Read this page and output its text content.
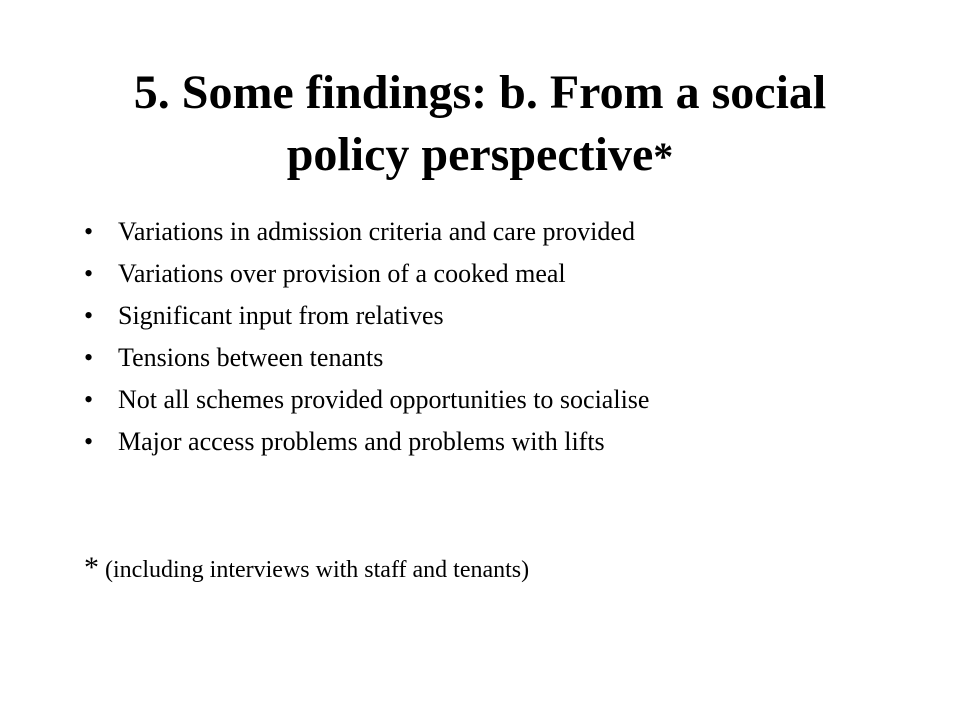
5. Some findings: b. From a social
policy perspective*
• Variations in admission criteria and care provided
• Variations over provision of a cooked meal
• Significant input from relatives
• Tensions between tenants
• Not all schemes provided opportunities to socialise
• Major access problems and problems with lifts
* (including interviews with staff and tenants)
